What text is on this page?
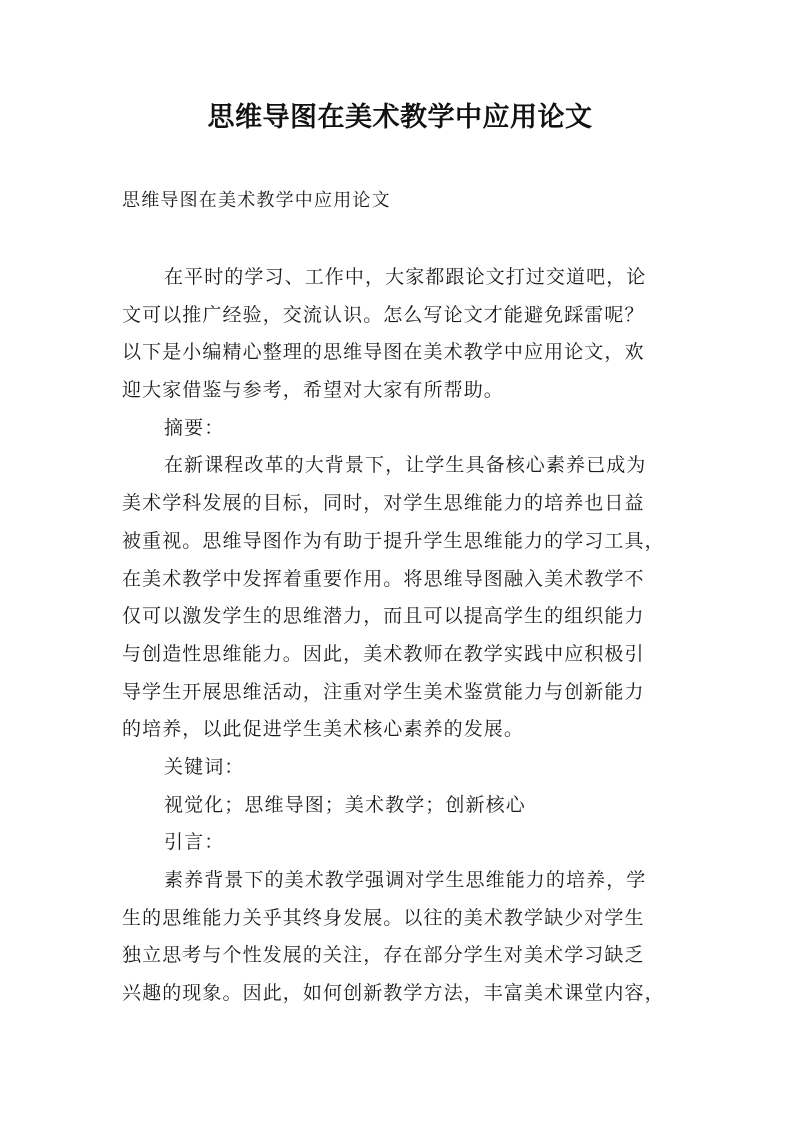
思维导图在美术教学中应用论文
思维导图在美术教学中应用论文
在平时的学习、工作中，大家都跟论文打过交道吧，论
文可以推广经验，交流认识。怎么写论文才能避免踩雷呢？
以下是小编精心整理的思维导图在美术教学中应用论文，欢
迎大家借鉴与参考，希望对大家有所帮助。
摘要：
在新课程改革的大背景下，让学生具备核心素养已成为
美术学科发展的目标，同时，对学生思维能力的培养也日益
被重视。思维导图作为有助于提升学生思维能力的学习工具，
在美术教学中发挥着重要作用。将思维导图融入美术教学不
仅可以激发学生的思维潜力，而且可以提高学生的组织能力
与创造性思维能力。因此，美术教师在教学实践中应积极引
导学生开展思维活动，注重对学生美术鉴赏能力与创新能力
的培养，以此促进学生美术核心素养的发展。
关键词：
视觉化；思维导图；美术教学；创新核心
引言：
素养背景下的美术教学强调对学生思维能力的培养，学
生的思维能力关乎其终身发展。以往的美术教学缺少对学生
独立思考与个性发展的关注，存在部分学生对美术学习缺乏
兴趣的现象。因此，如何创新教学方法，丰富美术课堂内容，
